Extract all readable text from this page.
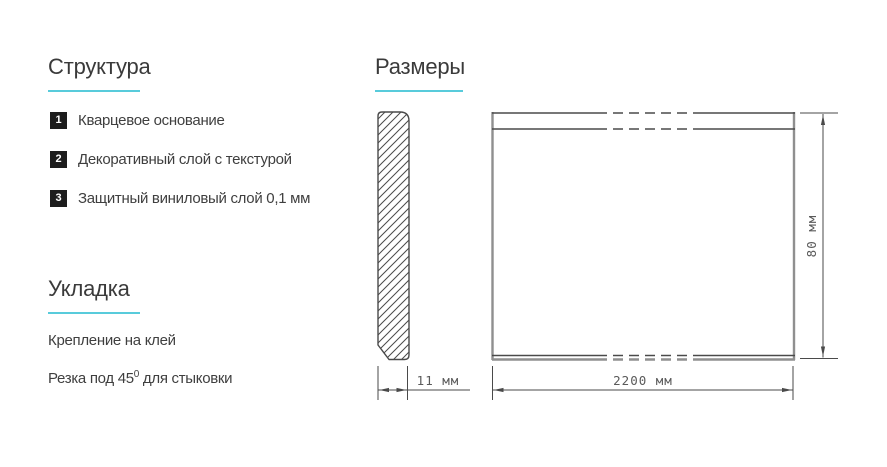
Структура
1	Кварцевое основание
2	Декоративный слой с текстурой
3	Защитный виниловый слой 0,1 мм
Укладка
Крепление на клей
Резка под $45^0$ для стыковки
Размеры
11 мм	2200 мм
80 мм
